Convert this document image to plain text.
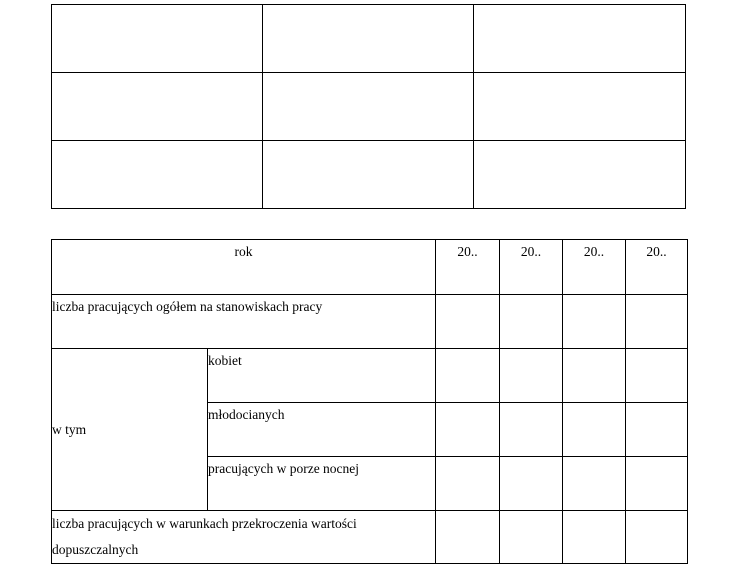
rok		20..	20..	20..	20..
liczba pracujących ogółem na stanowiskach pracy					
w tym	kobiet				
	młodocianych				
	pracujących w porze nocnej				
liczba pracujących w warunkach przekroczenia wartości dopuszczalnych					
